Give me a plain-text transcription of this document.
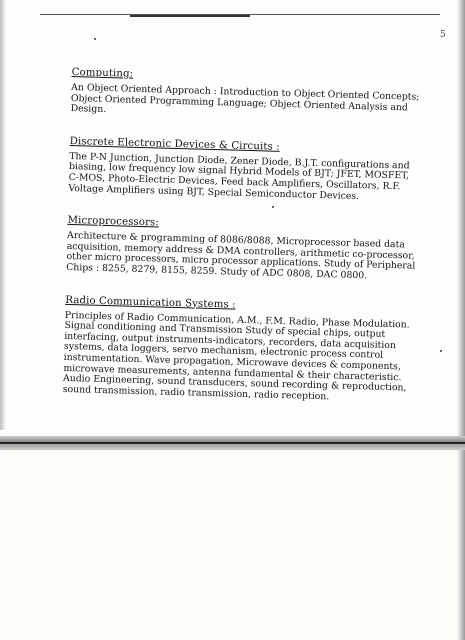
5
Computing:

An Object Oriented Approach : Introduction to Object Oriented Concepts; Object Oriented Programming Language; Object Oriented Analysis and Design.

Discrete Electronic Devices & Circuits :

The P-N Junction, Junction Diode, Zener Diode, B.J.T. configurations and biasing, low frequency low signal Hybrid Models of BJT; JFET, MOSFET, C-MOS, Photo-Electric Devices, Feed back Amplifiers, Oscillators, R.F. Voltage Amplifiers using BJT, Special Semiconductor Devices.

Microprocessors:

Architecture & programming of 8086/8088, Microprocessor based data acquisition, memory address & DMA controllers, arithmetic co-processor, other micro processors, micro processor applications. Study of Peripheral Chips : 8255, 8279, 8155, 8259. Study of ADC 0808, DAC 0800.

Radio Communication Systems :

Principles of Radio Communication, A.M., F.M. Radio, Phase Modulation. Signal conditioning and Transmission Study of special chips, output interfacing, output instruments-indicators, recorders, data acquisition systems, data loggers, servo mechanism, electronic process control instrumentation. Wave propagation, Microwave devices & components, microwave measurements, antenna fundamental & their characteristic. Audio Engineering, sound transducers, sound recording & reproduction, sound transmission, radio transmission, radio reception.
